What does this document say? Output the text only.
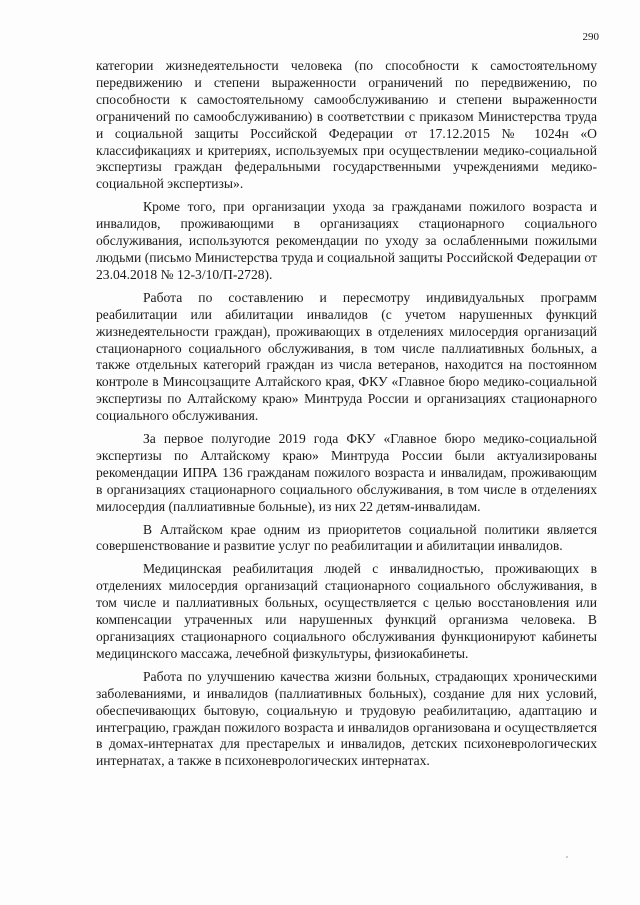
290

категории жизнедеятельности человека (по способности к самостоятельному передвижению и степени выраженности ограничений по передвижению, по способности к самостоятельному самообслуживанию и степени выраженности ограничений по самообслуживанию) в соответствии с приказом Министерства труда и социальной защиты Российской Федерации от 17.12.2015 № 1024н «О классификациях и критериях, используемых при осуществлении медико-социальной экспертизы граждан федеральными государственными учреждениями медико-социальной экспертизы».

Кроме того, при организации ухода за гражданами пожилого возраста и инвалидов, проживающими в организациях стационарного социального обслуживания, используются рекомендации по уходу за ослабленными пожилыми людьми (письмо Министерства труда и социальной защиты Российской Федерации от 23.04.2018 № 12-3/10/П-2728).

Работа по составлению и пересмотру индивидуальных программ реабилитации или абилитации инвалидов (с учетом нарушенных функций жизнедеятельности граждан), проживающих в отделениях милосердия организаций стационарного социального обслуживания, в том числе паллиативных больных, а также отдельных категорий граждан из числа ветеранов, находится на постоянном контроле в Минсоцзащите Алтайского края, ФКУ «Главное бюро медико-социальной экспертизы по Алтайскому краю» Минтруда России и организациях стационарного социального обслуживания.

За первое полугодие 2019 года ФКУ «Главное бюро медико-социальной экспертизы по Алтайскому краю» Минтруда России были актуализированы рекомендации ИПРА 136 гражданам пожилого возраста и инвалидам, проживающим в организациях стационарного социального обслуживания, в том числе в отделениях милосердия (паллиативные больные), из них 22 детям-инвалидам.

В Алтайском крае одним из приоритетов социальной политики является совершенствование и развитие услуг по реабилитации и абилитации инвалидов.

Медицинская реабилитация людей с инвалидностью, проживающих в отделениях милосердия организаций стационарного социального обслуживания, в том числе и паллиативных больных, осуществляется с целью восстановления или компенсации утраченных или нарушенных функций организма человека. В организациях стационарного социального обслуживания функционируют кабинеты медицинского массажа, лечебной физкультуры, физиокабинеты.

Работа по улучшению качества жизни больных, страдающих хроническими заболеваниями, и инвалидов (паллиативных больных), создание для них условий, обеспечивающих бытовую, социальную и трудовую реабилитацию, адаптацию и интеграцию, граждан пожилого возраста и инвалидов организована и осуществляется в домах-интернатах для престарелых и инвалидов, детских психоневрологических интернатах, а также в психоневрологических интернатах.
